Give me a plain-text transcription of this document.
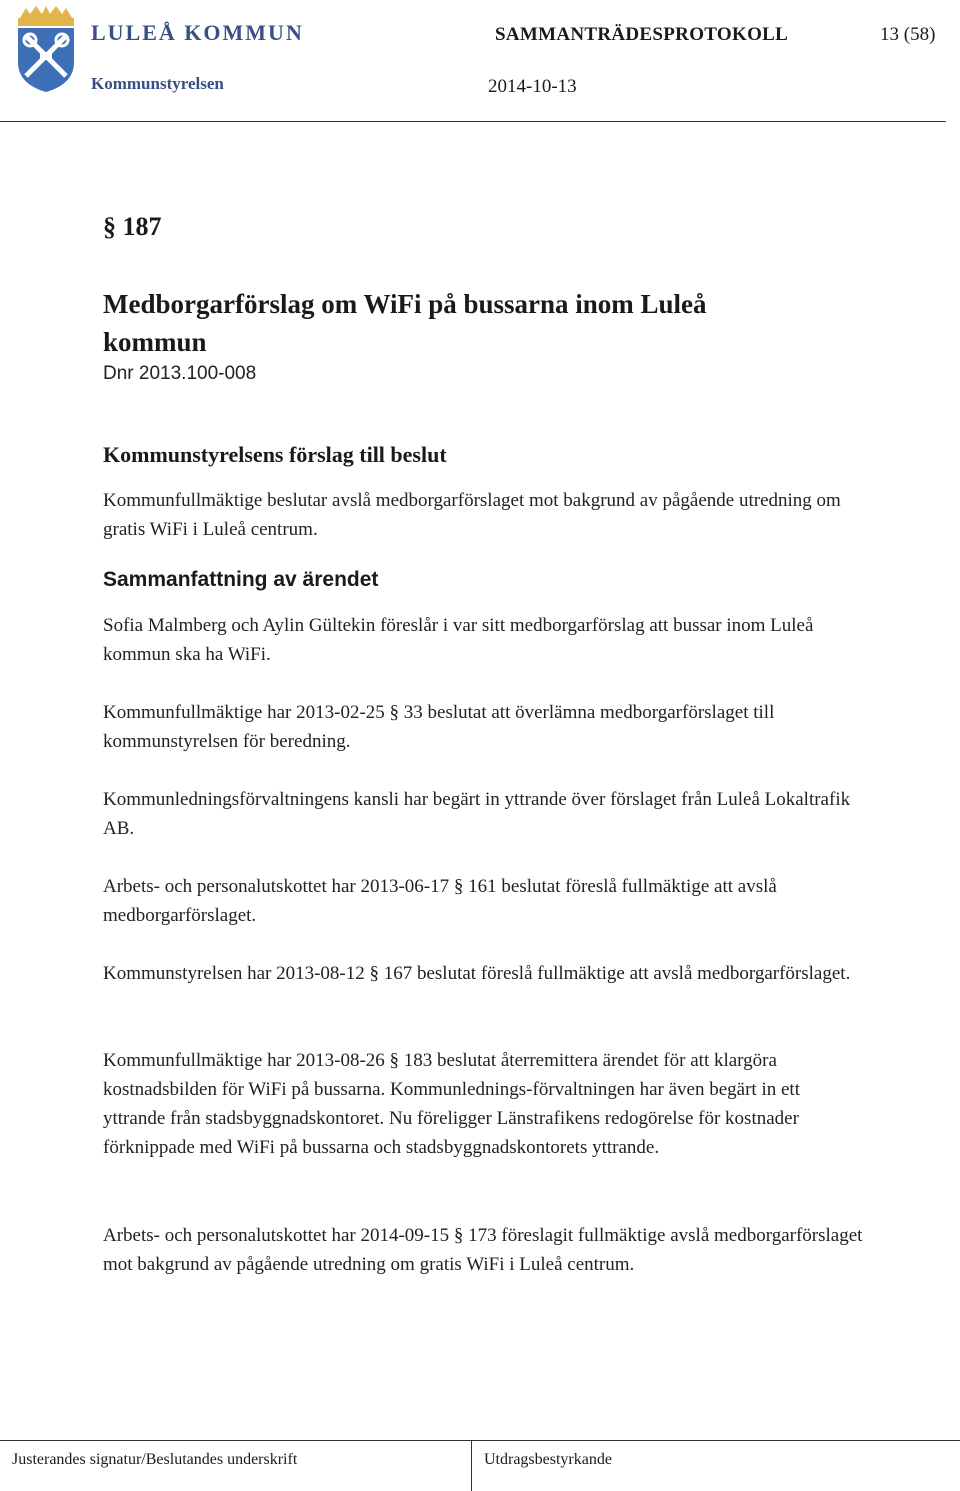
LULEÅ KOMMUN
Kommunstyrelsen
SAMMANTRÄDESPROTOKOLL	13 (58)
2014-10-13
§ 187
Medborgarförslag om WiFi på bussarna inom Luleå kommun
Dnr 2013.100-008
Kommunstyrelsens förslag till beslut
Kommunfullmäktige beslutar avslå medborgarförslaget mot bakgrund av pågående utredning om gratis WiFi i Luleå centrum.
Sammanfattning av ärendet
Sofia Malmberg och Aylin Gültekin föreslår i var sitt medborgarförslag att bussar inom Luleå kommun ska ha WiFi.
Kommunfullmäktige har 2013-02-25 § 33 beslutat att överlämna medborgarförslaget till kommunstyrelsen för beredning.
Kommunledningsförvaltningens kansli har begärt in yttrande över förslaget från Luleå Lokaltrafik AB.
Arbets- och personalutskottet har 2013-06-17 § 161 beslutat föreslå fullmäktige att avslå medborgarförslaget.
Kommunstyrelsen har 2013-08-12 § 167 beslutat föreslå fullmäktige att avslå medborgarförslaget.
Kommunfullmäktige har 2013-08-26 § 183 beslutat återremittera ärendet för att klargöra kostnadsbilden för WiFi på bussarna. Kommunlednings-förvaltningen har även begärt in ett yttrande från stadsbyggnadskontoret. Nu föreligger Länstrafikens redogörelse för kostnader förknippade med WiFi på bussarna och stadsbyggnadskontorets yttrande.
Arbets- och personalutskottet har 2014-09-15 § 173 föreslagit fullmäktige avslå medborgarförslaget mot bakgrund av pågående utredning om gratis WiFi i Luleå centrum.
Justerandes signatur/Beslutandes underskrift	Utdragsbestyrkande
